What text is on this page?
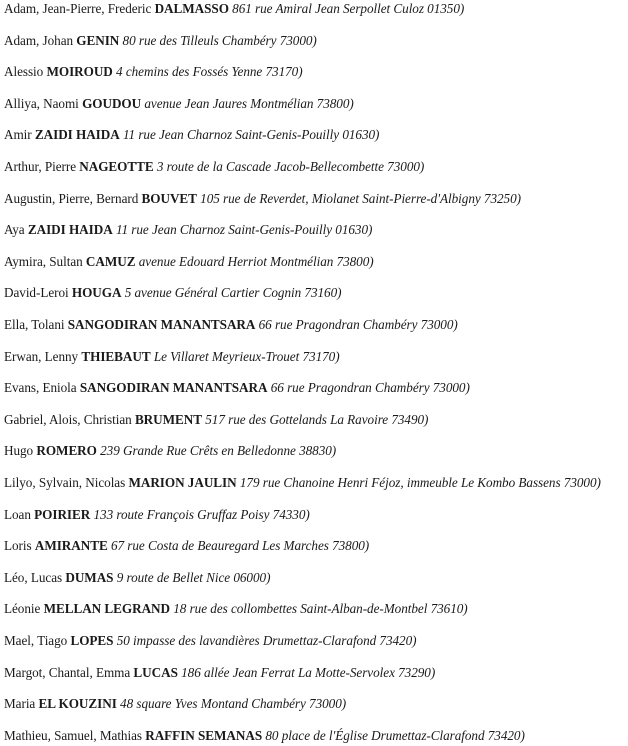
Adam, Jean-Pierre, Frederic DALMASSO 861 rue Amiral Jean Serpollet Culoz 01350)
Adam, Johan GENIN 80 rue des Tilleuls Chambéry 73000)
Alessio MOIROUD 4 chemins des Fossés Yenne 73170)
Alliya, Naomi GOUDOU avenue Jean Jaures Montmélian 73800)
Amir ZAIDI HAIDA 11 rue Jean Charnoz Saint-Genis-Pouilly 01630)
Arthur, Pierre NAGEOTTE 3 route de la Cascade Jacob-Bellecombette 73000)
Augustin, Pierre, Bernard BOUVET 105 rue de Reverdet, Miolanet Saint-Pierre-d'Albigny 73250)
Aya ZAIDI HAIDA 11 rue Jean Charnoz Saint-Genis-Pouilly 01630)
Aymira, Sultan CAMUZ avenue Edouard Herriot Montmélian 73800)
David-Leroi HOUGA 5 avenue Général Cartier Cognin 73160)
Ella, Tolani SANGODIRAN MANANTSARA 66 rue Pragondran Chambéry 73000)
Erwan, Lenny THIEBAUT Le Villaret Meyrieux-Trouet 73170)
Evans, Eniola SANGODIRAN MANANTSARA 66 rue Pragondran Chambéry 73000)
Gabriel, Alois, Christian BRUMENT 517 rue des Gottelands La Ravoire 73490)
Hugo ROMERO 239 Grande Rue Crêts en Belledonne 38830)
Lilyo, Sylvain, Nicolas MARION JAULIN 179 rue Chanoine Henri Féjoz, immeuble Le Kombo Bassens 73000)
Loan POIRIER 133 route François Gruffaz Poisy 74330)
Loris AMIRANTE 67 rue Costa de Beauregard Les Marches 73800)
Léo, Lucas DUMAS 9 route de Bellet Nice 06000)
Léonie MELLAN LEGRAND 18 rue des collombettes Saint-Alban-de-Montbel 73610)
Mael, Tiago LOPES 50 impasse des lavandières Drumettaz-Clarafond 73420)
Margot, Chantal, Emma LUCAS 186 allée Jean Ferrat La Motte-Servolex 73290)
Maria EL KOUZINI 48 square Yves Montand Chambéry 73000)
Mathieu, Samuel, Mathias RAFFIN SEMANAS 80 place de l'Église Drumettaz-Clarafond 73420)
